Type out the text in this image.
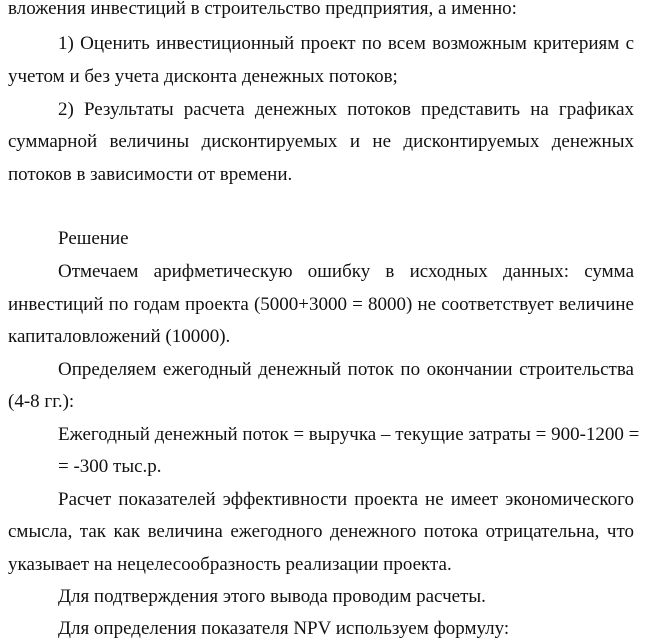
вложения инвестиций в строительство предприятия, а именно:
1) Оценить инвестиционный проект по всем возможным критериям с
учетом и без учета дисконта денежных потоков;
2) Результаты расчета денежных потоков представить на графиках
суммарной величины дисконтируемых и не дисконтируемых денежных
потоков в зависимости от времени.
Решение
Отмечаем арифметическую ошибку в исходных данных: сумма
инвестиций по годам проекта (5000+3000 = 8000) не соответствует величине
капиталовложений (10000).
Определяем ежегодный денежный поток по окончании строительства
(4-8 гг.):
Ежегодный денежный поток = выручка – текущие затраты = 900-1200 =
= -300 тыс.р.
Расчет показателей эффективности проекта не имеет экономического
смысла, так как величина ежегодного денежного потока отрицательна, что
указывает на нецелесообразность реализации проекта.
Для подтверждения этого вывода проводим расчеты.
Для определения показателя NPV используем формулу:
